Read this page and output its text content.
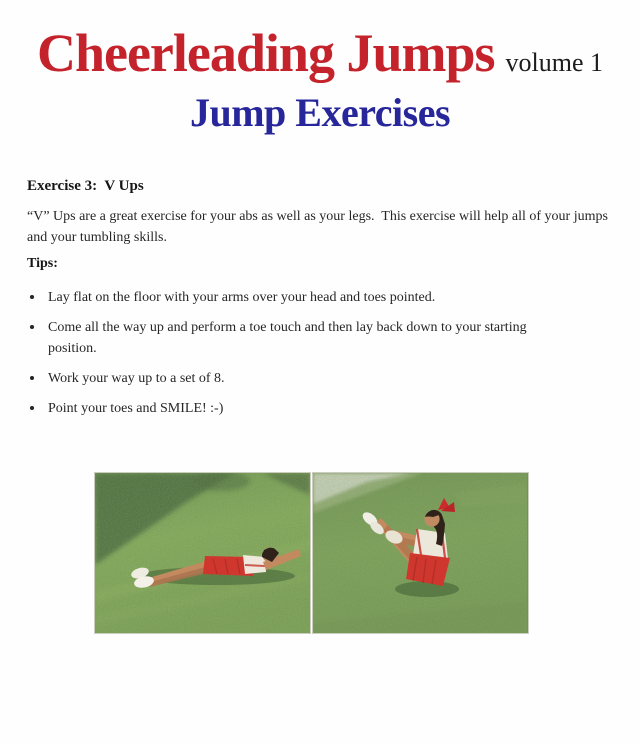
Cheerleading Jumps volume 1
Jump Exercises
Exercise 3:  V Ups
“V” Ups are a great exercise for your abs as well as your legs.  This exercise will help all of your jumps and your tumbling skills.
Tips:
Lay flat on the floor with your arms over your head and toes pointed.
Come all the way up and perform a toe touch and then lay back down to your starting position.
Work your way up to a set of 8.
Point your toes and SMILE! :-)
